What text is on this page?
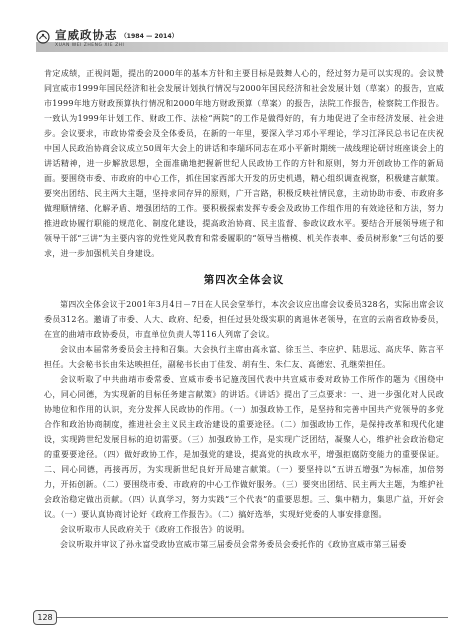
宣威政协志 （1984 — 2014）
XUAN WEI ZHENG XIE ZHI

肯定成绩，正视问题，提出的2000年的基本方针和主要目标是鼓舞人心的，经过努力是可以实现的。会议赞同宣威市1999年国民经济和社会发展计划执行情况与2000年国民经济和社会发展计划（草案）的报告，宣威市1999年地方财政预算执行情况和2000年地方财政预算（草案）的报告，法院工作报告，检察院工作报告。一致认为1999年计划工作、财政工作、法检“两院”的工作是做得好的，有力地促进了全市经济发展、社会进步。会议要求，市政协常委会及全体委员，在新的一年里，要深入学习邓小平理论，学习江泽民总书记在庆祝中国人民政治协商会议成立50周年大会上的讲话和李瑞环同志在邓小平新时期统一战线理论研讨班座谈会上的讲话精神，进一步解放思想，全面准确地把握新世纪人民政协工作的方针和原则，努力开创政协工作的新局面。要围绕市委、市政府的中心工作，抓住国家西部大开发的历史机遇，精心组织调查视察，积极建言献策。要突出团结、民主两大主题，坚持求同存异的原则，广开言路，积极反映社情民意，主动协助市委、市政府多做理顺情绪、化解矛盾、增强团结的工作。要积极探索发挥专委会及政协工作组作用的有效途径和方法，努力推进政协履行职能的规范化、制度化建设，提高政治协商、民主监督、参政议政水平。要结合开展领导班子和领导干部“三讲”为主要内容的党性党风教育和常委履职的“领导当楷模、机关作表率、委员树形象”三句话的要求，进一步加强机关自身建设。

第四次全体会议

第四次全体会议于2001年3月4日－7日在人民会堂举行，本次会议应出席会议委员328名，实际出席会议委员312名。邀请了市委、人大、政府、纪委，担任过县处级实职的离退休老领导，在宣的云南省政协委员，在宣的曲靖市政协委员，市直单位负责人等116人列席了会议。

会议由本届常务委员会主持和召集。大会执行主席由高永富、徐玉兰、李应护、陆思远、高庆华、陈言平担任。大会秘书长由朱达映担任，副秘书长由丁佳发、胡有生、朱仁友、高德宏、孔继荣担任。

会议听取了中共曲靖市委常委、宣威市委书记施茂国代表中共宣威市委对政协工作所作的题为《围绕中心，同心同德，为实现新的目标任务建言献策》的讲话。《讲话》提出了三点要求：一、进一步强化对人民政协地位和作用的认识，充分发挥人民政协的作用。（一）加强政协工作，是坚持和完善中国共产党领导的多党合作和政治协商制度，推进社会主义民主政治建设的重要途径。（二）加强政协工作，是保持改革和现代化建设，实现跨世纪发展目标的迫切需要。（三）加强政协工作，是实现广泛团结，凝聚人心，维护社会政治稳定的重要要途径。（四）做好政协工作，是加强党的建设，提高党的执政水平，增强拒腐防变能力的重要保证。二、同心同德，再接再厉，为实现新世纪良好开局建言献策。（一）要坚持以“五讲五增强”为标准，加倍努力，开拓创新。（二）要围绕市委、市政府的中心工作做好服务。（三）要突出团结、民主两大主题，为维护社会政治稳定做出贡献。（四）认真学习，努力实践“三个代表”的重要思想。三、集中精力，集思广益，开好会议。（一）要认真协商讨论好《政府工作报告》。（二）搞好选举，实现好党委的人事安排意图。

会议听取市人民政府关于《政府工作报告》的说明。

会议听取并审议了孙永富受政协宣威市第三届委员会常务委员会委托作的《政协宣威市第三届委

128
